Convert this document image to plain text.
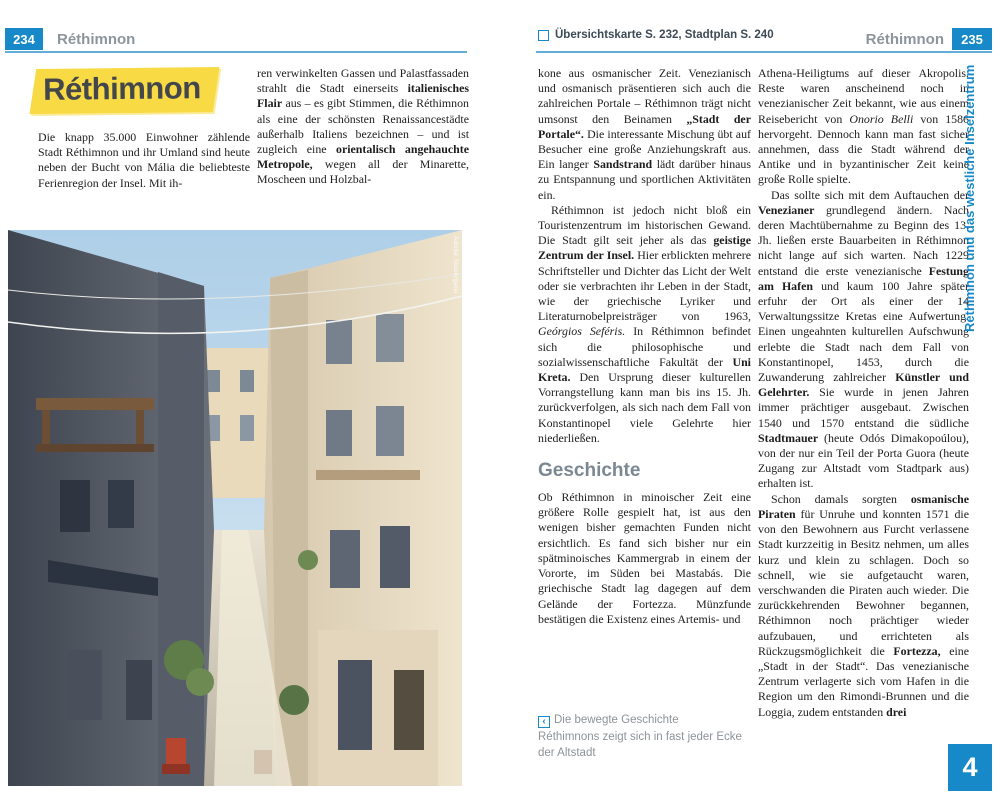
234	Réthimnon	Übersichtskarte S. 232, Stadtplan S. 240	Réthimnon	235
Réthimnon

Die knapp 35.000 Einwohner zählende Stadt Réthimnon und ihr Umland sind heute neben der Bucht von Mália die beliebteste Ferienregion der Insel. Mit ih-

ren verwinkelten Gassen und Palastfassaden strahlt die Stadt einerseits italienisches Flair aus – es gibt Stimmen, die Réthimnon als eine der schönsten Renaissancestädte außerhalb Italiens bezeichnen – und ist zugleich eine orientalisch angehauchte Metropole, wegen all der Minarette, Moscheen und Holzbal-

Adobe Stock/gatsi

kone aus osmanischer Zeit. Venezianisch und osmanisch präsentieren sich auch die zahlreichen Portale – Réthimnon trägt nicht umsonst den Beinamen „Stadt der Portale“. Die interessante Mischung übt auf Besucher eine große Anziehungskraft aus. Ein langer Sandstrand lädt darüber hinaus zu Entspannung und sportlichen Aktivitäten ein.

Réthimnon ist jedoch nicht bloß ein Touristenzentrum im historischen Gewand. Die Stadt gilt seit jeher als das geistige Zentrum der Insel. Hier erblickten mehrere Schriftsteller und Dichter das Licht der Welt oder sie verbrachten ihr Leben in der Stadt, wie der griechische Lyriker und Literaturnobelpreisträger von 1963, Geórgios Seféris. In Réthimnon befindet sich die philosophische und sozialwissenschaftliche Fakultät der Uni Kreta. Den Ursprung dieser kulturellen Vorrangstellung kann man bis ins 15. Jh. zurückverfolgen, als sich nach dem Fall von Konstantinopel viele Gelehrte hier niederließen.

Geschichte

Ob Réthimnon in minoischer Zeit eine größere Rolle gespielt hat, ist aus den wenigen bisher gemachten Funden nicht ersichtlich. Es fand sich bisher nur ein spätminoisches Kammergrab in einem der Vororte, im Süden bei Mastabás. Die griechische Stadt lag dagegen auf dem Gelände der Fortezza. Münzfunde bestätigen die Existenz eines Artemis- und

‹ Die bewegte Geschichte Réthimnons zeigt sich in fast jeder Ecke der Altstadt

Athena-Heiligtums auf dieser Akropolis. Reste waren anscheinend noch in venezianischer Zeit bekannt, wie aus einem Reisebericht von Onorio Belli von 1586 hervorgeht. Dennoch kann man fast sicher annehmen, dass die Stadt während der Antike und in byzantinischer Zeit keine große Rolle spielte.

Das sollte sich mit dem Auftauchen der Venezianer grundlegend ändern. Nach deren Machtübernahme zu Beginn des 13. Jh. ließen erste Bauarbeiten in Réthimnon nicht lange auf sich warten. Nach 1229 entstand die erste venezianische Festung am Hafen und kaum 100 Jahre später erfuhr der Ort als einer der 14 Verwaltungssitze Kretas eine Aufwertung. Einen ungeahnten kulturellen Aufschwung erlebte die Stadt nach dem Fall von Konstantinopel, 1453, durch die Zuwanderung zahlreicher Künstler und Gelehrter. Sie wurde in jenen Jahren immer prächtiger ausgebaut. Zwischen 1540 und 1570 entstand die südliche Stadtmauer (heute Odós Dimakopoúlou), von der nur ein Teil der Porta Guora (heute Zugang zur Altstadt vom Stadtpark aus) erhalten ist.

Schon damals sorgten osmanische Piraten für Unruhe und konnten 1571 die von den Bewohnern aus Furcht verlassene Stadt kurzzeitig in Besitz nehmen, um alles kurz und klein zu schlagen. Doch so schnell, wie sie aufgetaucht waren, verschwanden die Piraten auch wieder. Die zurückkehrenden Bewohner begannen, Réthimnon noch prächtiger wieder aufzubauen, und errichteten als Rückzugsmöglichkeit die Fortezza, eine „Stadt in der Stadt“. Das venezianische Zentrum verlagerte sich vom Hafen in die Region um den Rimondi-Brunnen und die Loggia, zudem entstanden drei

Réthimnon und das westliche Inselzentrum
4
